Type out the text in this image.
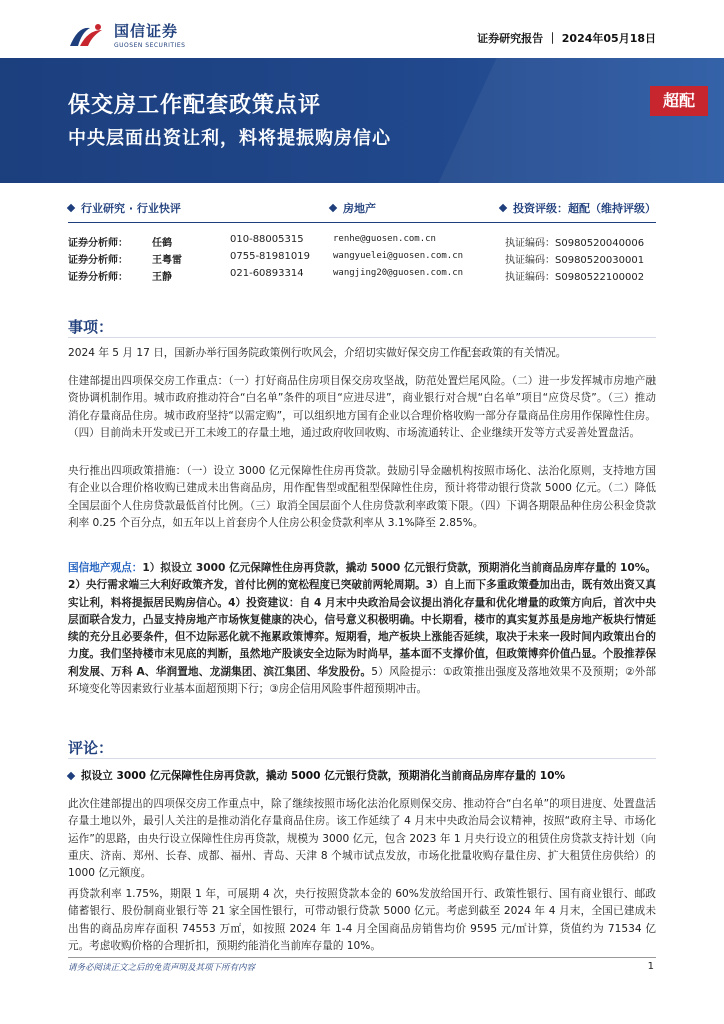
国信证券
GUOSEN SECURITIES
证券研究报告 ｜ 2024年05月18日
保交房工作配套政策点评
中央层面出资让利，料将提振购房信心
超配
行业研究 · 行业快评	房地产	投资评级：超配（维持评级）
证券分析师： 任鹤	010-88005315	renhe@guosen.com.cn	执证编码：S0980520040006
证券分析师： 王粤雷	0755-81981019	wangyuelei@guosen.com.cn	执证编码：S0980520030001
证券分析师： 王静	021-60893314	wangjing20@guosen.com.cn	执证编码：S0980522100002
事项：
2024 年 5 月 17 日，国新办举行国务院政策例行吹风会，介绍切实做好保交房工作配套政策的有关情况。
住建部提出四项保交房工作重点：（一）打好商品住房项目保交房攻坚战，防范处置烂尾风险。（二）进一步发挥城市房地产融资协调机制作用。城市政府推动符合“白名单”条件的项目“应进尽进”，商业银行对合规“白名单”项目“应贷尽贷”。（三）推动消化存量商品住房。城市政府坚持“以需定购”，可以组织地方国有企业以合理价格收购一部分存量商品住房用作保障性住房。（四）目前尚未开发或已开工未竣工的存量土地，通过政府收回收购、市场流通转让、企业继续开发等方式妥善处置盘活。
央行推出四项政策措施：（一）设立 3000 亿元保障性住房再贷款。鼓励引导金融机构按照市场化、法治化原则，支持地方国有企业以合理价格收购已建成未出售商品房，用作配售型或配租型保障性住房，预计将带动银行贷款 5000 亿元。（二）降低全国层面个人住房贷款最低首付比例。（三）取消全国层面个人住房贷款利率政策下限。（四）下调各期限品种住房公积金贷款利率 0.25 个百分点，如五年以上首套房个人住房公积金贷款利率从 3.1%降至 2.85%。
国信地产观点：1）拟设立 3000 亿元保障性住房再贷款，撬动 5000 亿元银行贷款，预期消化当前商品房库存量的 10%。2）央行需求端三大利好政策齐发，首付比例的宽松程度已突破前两轮周期。3）自上而下多重政策叠加出击，既有效出资又真实让利，料将提振居民购房信心。4）投资建议：自 4 月末中央政治局会议提出消化存量和优化增量的政策方向后，首次中央层面联合发力，凸显支持房地产市场恢复健康的决心，信号意义积极明确。中长期看，楼市的真实复苏虽是房地产板块行情延续的充分且必要条件，但不边际恶化就不拖累政策博弈。短期看，地产板块上涨能否延续，取决于未来一段时间内政策出台的力度。我们坚持楼市末见底的判断，虽然地产股谈安全边际为时尚早，基本面不支撑价值，但政策博弈价值凸显。个股推荐保利发展、万科 A、华润置地、龙湖集团、滨江集团、华发股份。5）风险提示：①政策推出强度及落地效果不及预期；②外部环境变化等因素致行业基本面超预期下行；③房企信用风险事件超预期冲击。
评论：
拟设立 3000 亿元保障性住房再贷款，撬动 5000 亿元银行贷款，预期消化当前商品房库存量的 10%
此次住建部提出的四项保交房工作重点中，除了继续按照市场化法治化原则保交房、推动符合“白名单”的项目进度、处置盘活存量土地以外，最引人关注的是推动消化存量商品住房。该工作延续了 4 月末中央政治局会议精神，按照“政府主导、市场化运作”的思路，由央行设立保障性住房再贷款，规模为 3000 亿元，包含 2023 年 1 月央行设立的租赁住房贷款支持计划（向重庆、济南、郑州、长春、成都、福州、青岛、天津 8 个城市试点发放，市场化批量收购存量住房、扩大租赁住房供给）的 1000 亿元额度。
再贷款利率 1.75%，期限 1 年，可展期 4 次，央行按照贷款本金的 60%发放给国开行、政策性银行、国有商业银行、邮政储蓄银行、股份制商业银行等 21 家全国性银行，可带动银行贷款 5000 亿元。考虑到截至 2024 年 4 月末，全国已建成未出售的商品房库存面积 74553 万㎡，如按照 2024 年 1-4 月全国商品房销售均价 9595 元/㎡计算，货值约为 71534 亿元。考虑收购价格的合理折扣，预期约能消化当前库存量的 10%。
请务必阅读正文之后的免责声明及其项下所有内容	1
